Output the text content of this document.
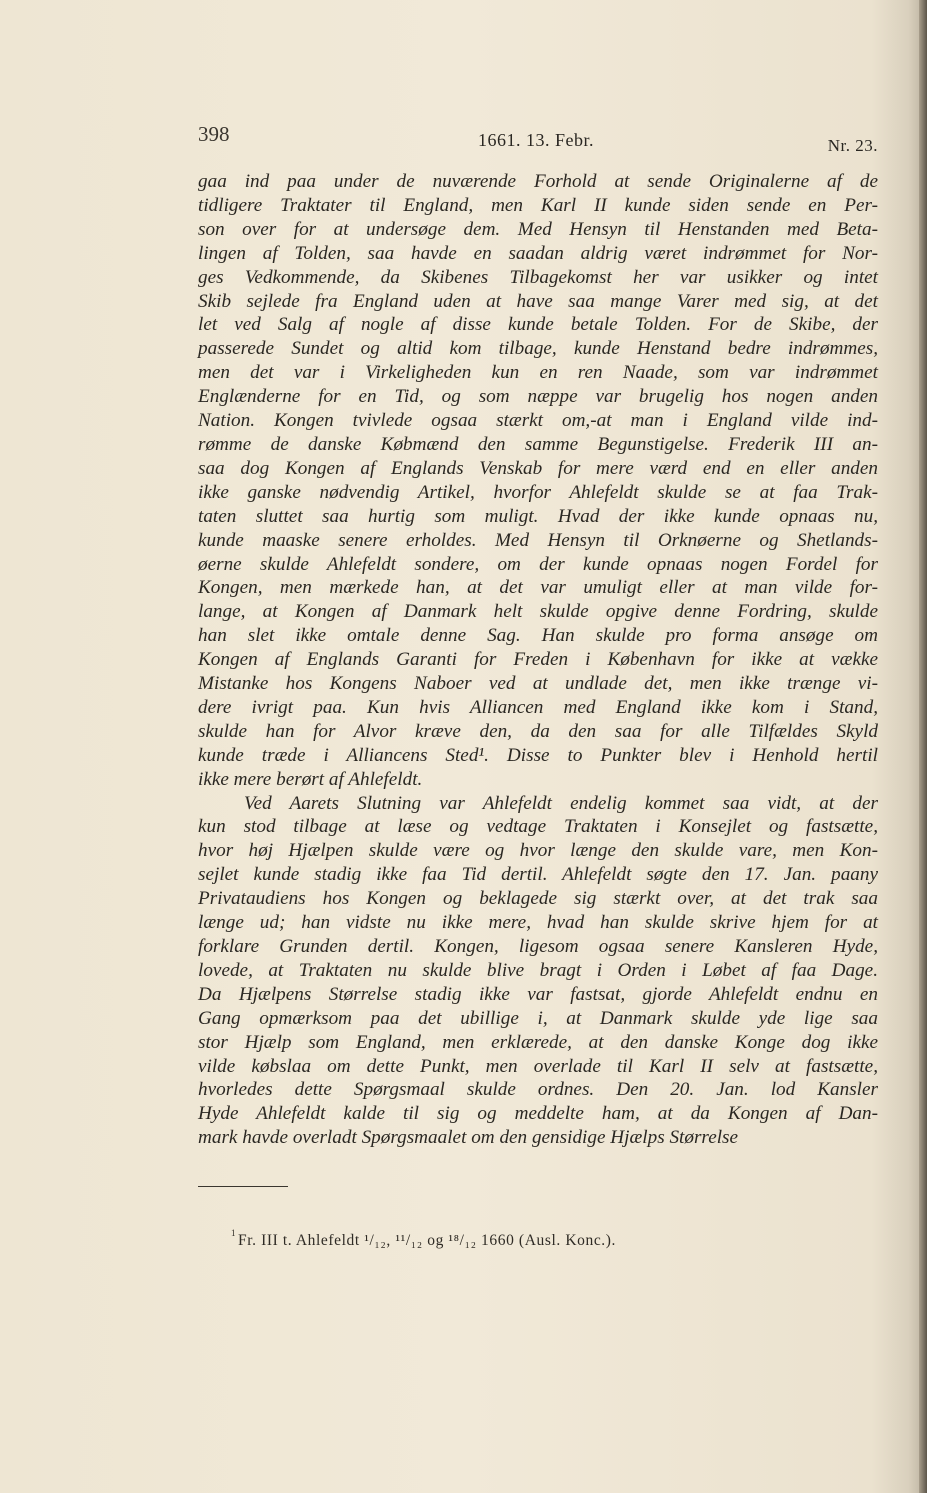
398	1661. 13. Febr.	Nr. 23.
gaa ind paa under de nuværende Forhold at sende Originalerne af de
tidligere Traktater til England, men Karl II kunde siden sende en Per-
son over for at undersøge dem. Med Hensyn til Henstanden med Beta-
lingen af Tolden, saa havde en saadan aldrig været indrømmet for Nor-
ges Vedkommende, da Skibenes Tilbagekomst her var usikker og intet
Skib sejlede fra England uden at have saa mange Varer med sig, at det
let ved Salg af nogle af disse kunde betale Tolden. For de Skibe, der
passerede Sundet og altid kom tilbage, kunde Henstand bedre indrømmes,
men det var i Virkeligheden kun en ren Naade, som var indrømmet
Englænderne for en Tid, og som næppe var brugelig hos nogen anden
Nation. Kongen tvivlede ogsaa stærkt om,-at man i England vilde ind-
rømme de danske Købmænd den samme Begunstigelse. Frederik III an-
saa dog Kongen af Englands Venskab for mere værd end en eller anden
ikke ganske nødvendig Artikel, hvorfor Ahlefeldt skulde se at faa Trak-
taten sluttet saa hurtig som muligt. Hvad der ikke kunde opnaas nu,
kunde maaske senere erholdes. Med Hensyn til Orknøerne og Shetlands-
øerne skulde Ahlefeldt sondere, om der kunde opnaas nogen Fordel for
Kongen, men mærkede han, at det var umuligt eller at man vilde for-
lange, at Kongen af Danmark helt skulde opgive denne Fordring, skulde
han slet ikke omtale denne Sag. Han skulde pro forma ansøge om
Kongen af Englands Garanti for Freden i København for ikke at vække
Mistanke hos Kongens Naboer ved at undlade det, men ikke trænge vi-
dere ivrigt paa. Kun hvis Alliancen med England ikke kom i Stand,
skulde han for Alvor kræve den, da den saa for alle Tilfældes Skyld
kunde træde i Alliancens Sted¹. Disse to Punkter blev i Henhold hertil
ikke mere berørt af Ahlefeldt.
Ved Aarets Slutning var Ahlefeldt endelig kommet saa vidt, at der
kun stod tilbage at læse og vedtage Traktaten i Konsejlet og fastsætte,
hvor høj Hjælpen skulde være og hvor længe den skulde vare, men Kon-
sejlet kunde stadig ikke faa Tid dertil. Ahlefeldt søgte den 17. Jan. paany
Privataudiens hos Kongen og beklagede sig stærkt over, at det trak saa
længe ud; han vidste nu ikke mere, hvad han skulde skrive hjem for at
forklare Grunden dertil. Kongen, ligesom ogsaa senere Kansleren Hyde,
lovede, at Traktaten nu skulde blive bragt i Orden i Løbet af faa Dage.
Da Hjælpens Størrelse stadig ikke var fastsat, gjorde Ahlefeldt endnu en
Gang opmærksom paa det ubillige i, at Danmark skulde yde lige saa
stor Hjælp som England, men erklærede, at den danske Konge dog ikke
vilde købslaa om dette Punkt, men overlade til Karl II selv at fastsætte,
hvorledes dette Spørgsmaal skulde ordnes. Den 20. Jan. lod Kansler
Hyde Ahlefeldt kalde til sig og meddelte ham, at da Kongen af Dan-
mark havde overladt Spørgsmaalet om den gensidige Hjælps Størrelse
1 Fr. III t. Ahlefeldt ¹/₁₂, ¹¹/₁₂ og ¹⁸/₁₂ 1660 (Ausl. Konc.).
